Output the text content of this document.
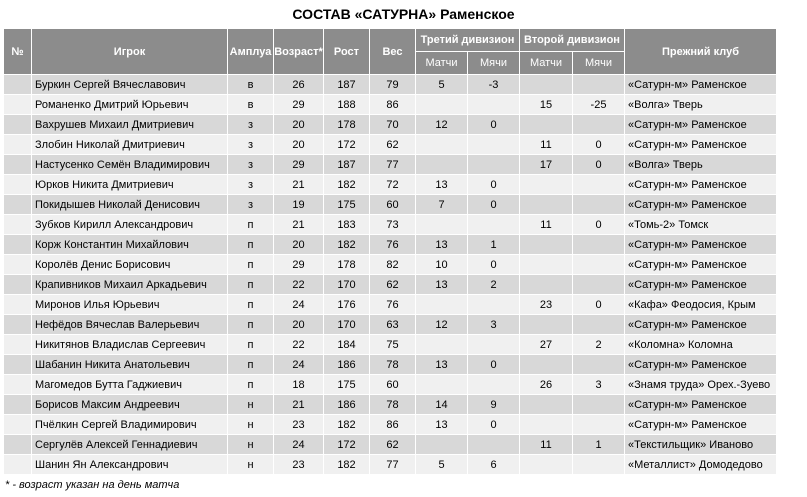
СОСТАВ «САТУРНА» Раменское
№	Игрок	Амплуа	Возраст*	Рост	Вес	Третий дивизион		Второй дивизион		Прежний клуб
						Матчи	Мячи	Матчи	Мячи	
	Буркин Сергей Вячеславович	в	26	187	79	5	-3			«Сатурн-м» Раменское
	Романенко Дмитрий Юрьевич	в	29	188	86			15	-25	«Волга» Тверь
	Вахрушев Михаил Дмитриевич	з	20	178	70	12	0			«Сатурн-м» Раменское
	Злобин Николай Дмитриевич	з	20	172	62			11	0	«Сатурн-м» Раменское
	Настусенко Семён Владимирович	з	29	187	77			17	0	«Волга» Тверь
	Юрков Никита Дмитриевич	з	21	182	72	13	0			«Сатурн-м» Раменское
	Покидышев Николай Денисович	з	19	175	60	7	0			«Сатурн-м» Раменское
	Зубков Кирилл Александрович	п	21	183	73			11	0	«Томь-2» Томск
	Корж Константин Михайлович	п	20	182	76	13	1			«Сатурн-м» Раменское
	Королёв Денис Борисович	п	29	178	82	10	0			«Сатурн-м» Раменское
	Крапивников Михаил Аркадьевич	п	22	170	62	13	2			«Сатурн-м» Раменское
	Миронов Илья Юрьевич	п	24	176	76			23	0	«Кафа» Феодосия, Крым
	Нефёдов Вячеслав Валерьевич	п	20	170	63	12	3			«Сатурн-м» Раменское
	Никитянов Владислав Сергеевич	п	22	184	75			27	2	«Коломна» Коломна
	Шабанин Никита Анатольевич	п	24	186	78	13	0			«Сатурн-м» Раменское
	Магомедов Бутта Гаджиевич	п	18	175	60			26	3	«Знамя труда» Орех.-Зуево
	Борисов Максим Андреевич	н	21	186	78	14	9			«Сатурн-м» Раменское
	Пчёлкин Сергей Владимирович	н	23	182	86	13	0			«Сатурн-м» Раменское
	Сергулёв Алексей Геннадиевич	н	24	172	62			11	1	«Текстильщик» Иваново
	Шанин Ян Александрович	н	23	182	77	5	6			«Металлист» Домодедово
* - возраст указан на день матча
